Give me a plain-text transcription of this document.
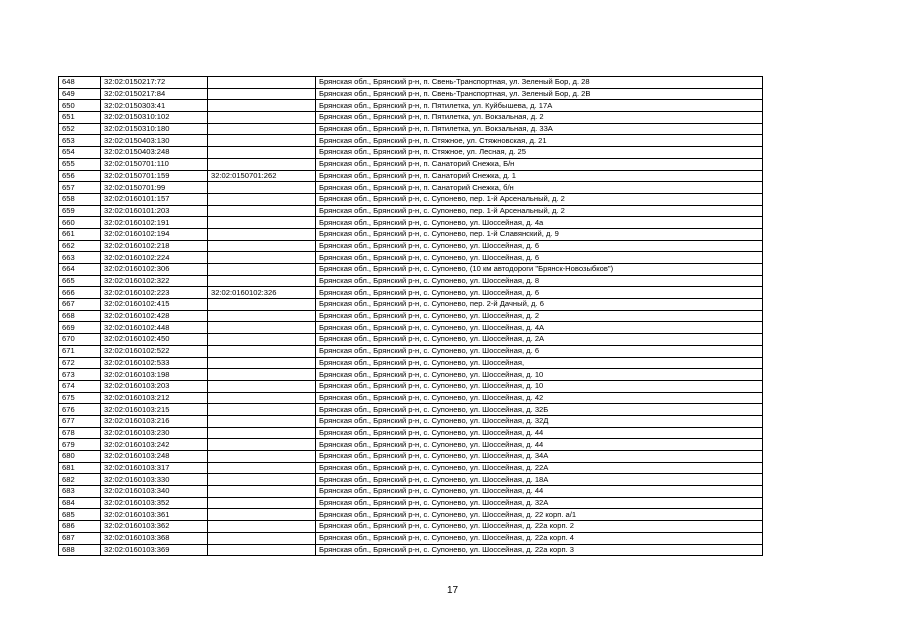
648	32:02:0150217:72		Брянская обл., Брянский р-н, п. Свень-Транспортная, ул. Зеленый Бор, д. 28
649	32:02:0150217:84		Брянская обл., Брянский р-н, п. Свень-Транспортная, ул. Зеленый Бор, д. 2В
650	32:02:0150303:41		Брянская обл., Брянский р-н, п. Пятилетка, ул. Куйбышева, д. 17А
651	32:02:0150310:102		Брянская обл., Брянский р-н, п. Пятилетка, ул. Вокзальная, д. 2
652	32:02:0150310:180		Брянская обл., Брянский р-н, п. Пятилетка, ул. Вокзальная, д. 33А
653	32:02:0150403:130		Брянская обл., Брянский р-н, п. Стяжное, ул. Стяжновская, д. 21
654	32:02:0150403:248		Брянская обл., Брянский р-н, п. Стяжное, ул. Лесная, д. 25
655	32:02:0150701:110		Брянская обл., Брянский р-н, п. Санаторий Снежка, Б/н
656	32:02:0150701:159	32:02:0150701:262	Брянская обл., Брянский р-н, п. Санаторий Снежка, д. 1
657	32:02:0150701:99		Брянская обл., Брянский р-н, п. Санаторий Снежка, б/н
658	32:02:0160101:157		Брянская обл., Брянский р-н, с. Супонево, пер. 1-й Арсенальный, д. 2
659	32:02:0160101:203		Брянская обл., Брянский р-н, с. Супонево, пер. 1-й Арсенальный, д. 2
660	32:02:0160102:191		Брянская обл., Брянский р-н, с. Супонево, ул. Шоссейная, д. 4а
661	32:02:0160102:194		Брянская обл., Брянский р-н, с. Супонево, пер. 1-й Славянский, д. 9
662	32:02:0160102:218		Брянская обл., Брянский р-н, с. Супонево, ул. Шоссейная, д. 6
663	32:02:0160102:224		Брянская обл., Брянский р-н, с. Супонево, ул. Шоссейная, д. 6
664	32:02:0160102:306		Брянская обл., Брянский р-н, с. Супонево, (10 км автодороги "Брянск-Новозыбков")
665	32:02:0160102:322		Брянская обл., Брянский р-н, с. Супонево, ул. Шоссейная, д. 8
666	32:02:0160102:223	32:02:0160102:326	Брянская обл., Брянский р-н, с. Супонево, ул. Шоссейная, д. 6
667	32:02:0160102:415		Брянская обл., Брянский р-н, с. Супонево, пер. 2-й Дачный, д. 6
668	32:02:0160102:428		Брянская обл., Брянский р-н, с. Супонево, ул. Шоссейная, д. 2
669	32:02:0160102:448		Брянская обл., Брянский р-н, с. Супонево, ул. Шоссейная, д. 4А
670	32:02:0160102:450		Брянская обл., Брянский р-н, с. Супонево, ул. Шоссейная, д. 2А
671	32:02:0160102:522		Брянская обл., Брянский р-н, с. Супонево, ул. Шоссейная, д. 6
672	32:02:0160102:533		Брянская обл., Брянский р-н, с. Супонево, ул. Шоссейная,
673	32:02:0160103:198		Брянская обл., Брянский р-н, с. Супонево, ул. Шоссейная, д. 10
674	32:02:0160103:203		Брянская обл., Брянский р-н, с. Супонево, ул. Шоссейная, д. 10
675	32:02:0160103:212		Брянская обл., Брянский р-н, с. Супонево, ул. Шоссейная, д. 42
676	32:02:0160103:215		Брянская обл., Брянский р-н, с. Супонево, ул. Шоссейная, д. 32Б
677	32:02:0160103:216		Брянская обл., Брянский р-н, с. Супонево, ул. Шоссейная, д. 32Д
678	32:02:0160103:230		Брянская обл., Брянский р-н, с. Супонево, ул. Шоссейная, д. 44
679	32:02:0160103:242		Брянская обл., Брянский р-н, с. Супонево, ул. Шоссейная, д. 44
680	32:02:0160103:248		Брянская обл., Брянский р-н, с. Супонево, ул. Шоссейная, д. 34А
681	32:02:0160103:317		Брянская обл., Брянский р-н, с. Супонево, ул. Шоссейная, д. 22А
682	32:02:0160103:330		Брянская обл., Брянский р-н, с. Супонево, ул. Шоссейная, д. 18А
683	32:02:0160103:340		Брянская обл., Брянский р-н, с. Супонево, ул. Шоссейная, д. 44
684	32:02:0160103:352		Брянская обл., Брянский р-н, с. Супонево, ул. Шоссейная, д. 32А
685	32:02:0160103:361		Брянская обл., Брянский р-н, с. Супонево, ул. Шоссейная, д. 22 корп. а/1
686	32:02:0160103:362		Брянская обл., Брянский р-н, с. Супонево, ул. Шоссейная, д. 22а корп. 2
687	32:02:0160103:368		Брянская обл., Брянский р-н, с. Супонево, ул. Шоссейная, д. 22а корп. 4
688	32:02:0160103:369		Брянская обл., Брянский р-н, с. Супонево, ул. Шоссейная, д. 22а корп. 3
17
